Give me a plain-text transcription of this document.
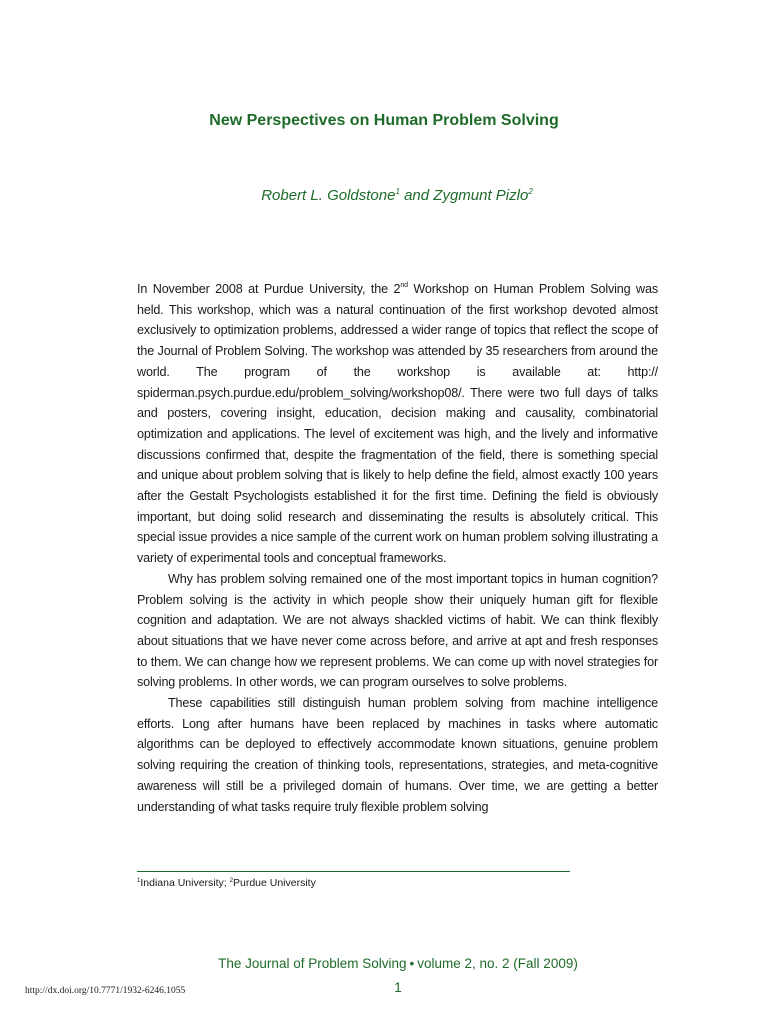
New Perspectives on Human Problem Solving
Robert L. Goldstone$^1$ and Zygmunt Pizlo$^2$

In November 2008 at Purdue University, the 2nd Workshop on Human Problem Solving was held. This workshop, which was a natural continuation of the first workshop devoted almost exclusively to optimization problems, addressed a wider range of topics that reflect the scope of the Journal of Problem Solving. The workshop was attended by 35 researchers from around the world. The program of the workshop is available at: http:// spiderman.psych.purdue.edu/problem_solving/workshop08/. There were two full days of talks and posters, covering insight, education, decision making and causality, combinatorial optimization and applications. The level of excitement was high, and the lively and informative discussions confirmed that, despite the fragmentation of the field, there is something special and unique about problem solving that is likely to help define the field, almost exactly 100 years after the Gestalt Psychologists established it for the first time. Defining the field is obviously important, but doing solid research and disseminating the results is absolutely critical. This special issue provides a nice sample of the current work on human problem solving illustrating a variety of experimental tools and conceptual frameworks.

Why has problem solving remained one of the most important topics in human cognition? Problem solving is the activity in which people show their uniquely human gift for flexible cognition and adaptation. We are not always shackled victims of habit. We can think flexibly about situations that we have never come across before, and arrive at apt and fresh responses to them. We can change how we represent problems. We can come up with novel strategies for solving problems. In other words, we can program ourselves to solve problems.

These capabilities still distinguish human problem solving from machine intelligence efforts. Long after humans have been replaced by machines in tasks where automatic algorithms can be deployed to effectively accommodate known situations, genuine problem solving requiring the creation of thinking tools, representations, strategies, and meta-cognitive awareness will still be a privileged domain of humans. Over time, we are getting a better understanding of what tasks require truly flexible problem solving

$^1$Indiana University; $^2$Purdue University
The Journal of Problem Solving • volume 2, no. 2 (Fall 2009)
1
http://dx.doi.org/10.7771/1932-6246.1055
